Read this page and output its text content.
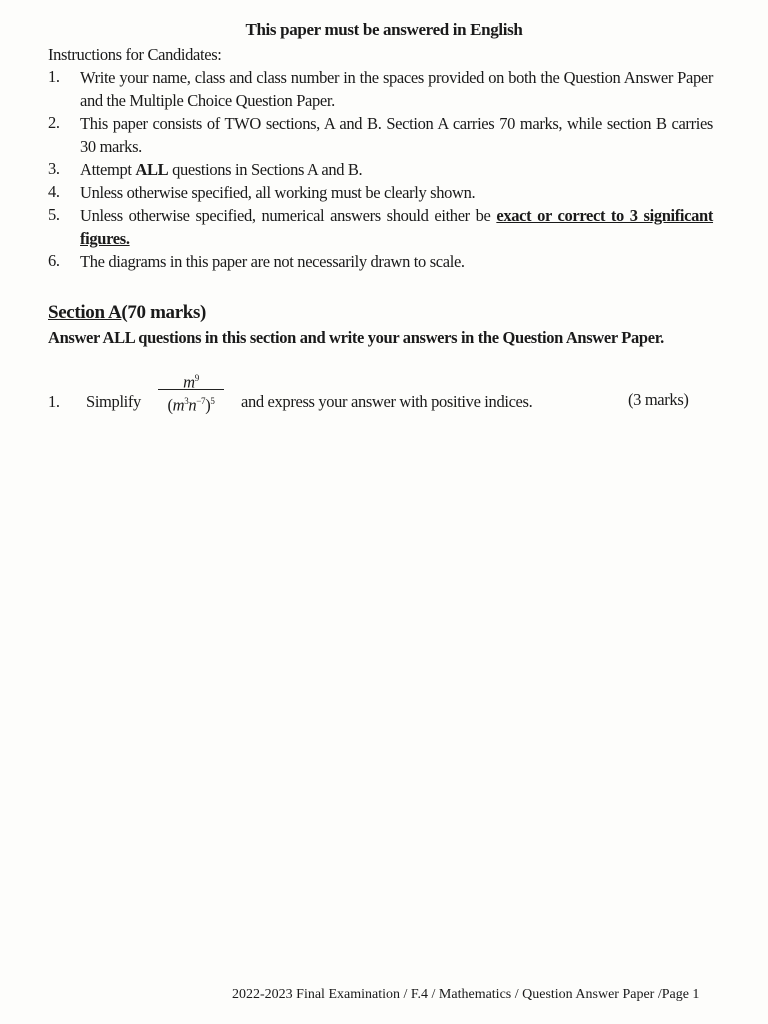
This paper must be answered in English
Instructions for Candidates:
1. Write your name, class and class number in the spaces provided on both the Question Answer Paper and the Multiple Choice Question Paper.
2. This paper consists of TWO sections, A and B. Section A carries 70 marks, while section B carries 30 marks.
3. Attempt ALL questions in Sections A and B.
4. Unless otherwise specified, all working must be clearly shown.
5. Unless otherwise specified, numerical answers should either be exact or correct to 3 significant figures.
6. The diagrams in this paper are not necessarily drawn to scale.
Section A(70 marks)
Answer ALL questions in this section and write your answers in the Question Answer Paper.
1. Simplify
$m^9$
$(m^3n^{-7})^5$	and express your answer with positive indices.	(3 marks)
2022-2023 Final Examination / F.4 / Mathematics / Question Answer Paper /Page 1
